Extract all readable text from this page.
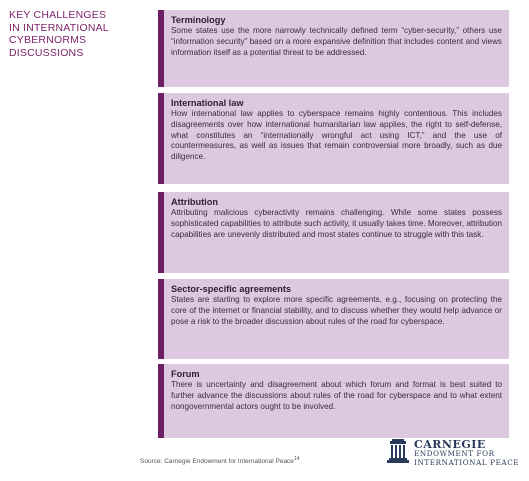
KEY CHALLENGES
IN INTERNATIONAL
CYBERNORMS
DISCUSSIONS
Terminology

Some states use the more narrowly technically defined term “cyber-security,” others use “information security” based on a more expansive definition that includes content and views information itself as a potential threat to be addressed.

International law

How international law applies to cyberspace remains highly contentious. This includes disagreements over how international humanitarian law applies, the right to self-defense, what constitutes an “internationally wrongful act using ICT,” and the use of countermeasures, as well as issues that remain controversial more broadly, such as due diligence.

Attribution

Attributing malicious cyberactivity remains challenging. While some states possess sophisticated capabilities to attribute such activity, it usually takes time. Moreover, attribution capabilities are unevenly distributed and most states continue to struggle with this task.

Sector-specific agreements

States are starting to explore more specific agreements, e.g., focusing on protecting the core of the internet or financial stability, and to discuss whether they would help advance or pose a risk to the broader discussion about rules of the road for cyberspace.

Forum

There is uncertainty and disagreement about which forum and format is best suited to further advance the discussions about rules of the road for cyberspace and to what extent nongovernmental actors ought to be involved.

Source: Carnegie Endowment for International Peace$^{14}$
CARNEGIE
ENDOWMENT FOR
INTERNATIONAL PEACE
